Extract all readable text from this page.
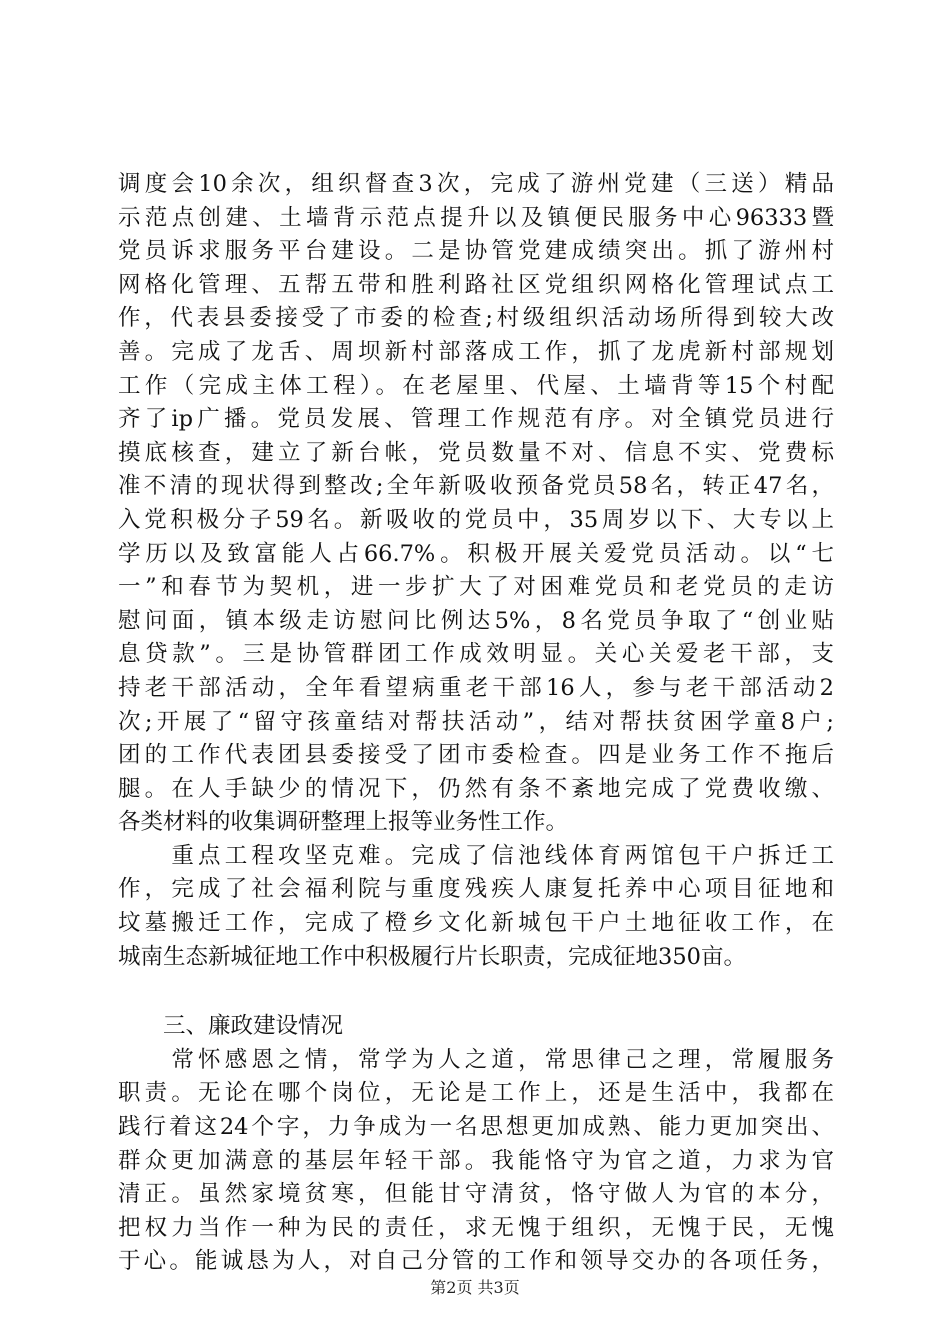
调度会10余次，组织督查3次，完成了游州党建（三送）精品
示范点创建、土墙背示范点提升以及镇便民服务中心96333暨
党员诉求服务平台建设。二是协管党建成绩突出。抓了游州村
网格化管理、五帮五带和胜利路社区党组织网格化管理试点工
作，代表县委接受了市委的检查;村级组织活动场所得到较大改
善。完成了龙舌、周坝新村部落成工作，抓了龙虎新村部规划
工作（完成主体工程）。在老屋里、代屋、土墙背等15个村配
齐了ip广播。党员发展、管理工作规范有序。对全镇党员进行
摸底核查，建立了新台帐，党员数量不对、信息不实、党费标
准不清的现状得到整改;全年新吸收预备党员58名，转正47名，
入党积极分子59名。新吸收的党员中，35周岁以下、大专以上
学历以及致富能人占66.7%。积极开展关爱党员活动。以“七
一”和春节为契机，进一步扩大了对困难党员和老党员的走访
慰问面，镇本级走访慰问比例达5%，8名党员争取了“创业贴
息贷款”。三是协管群团工作成效明显。关心关爱老干部，支
持老干部活动，全年看望病重老干部16人，参与老干部活动2
次;开展了“留守孩童结对帮扶活动”，结对帮扶贫困学童8户;
团的工作代表团县委接受了团市委检查。四是业务工作不拖后
腿。在人手缺少的情况下，仍然有条不紊地完成了党费收缴、
各类材料的收集调研整理上报等业务性工作。
　　重点工程攻坚克难。完成了信池线体育两馆包干户拆迁工
作，完成了社会福利院与重度残疾人康复托养中心项目征地和
坟墓搬迁工作，完成了橙乡文化新城包干户土地征收工作，在
城南生态新城征地工作中积极履行片长职责，完成征地350亩。
　　三、廉政建设情况
　　常怀感恩之情，常学为人之道，常思律己之理，常履服务
职责。无论在哪个岗位，无论是工作上，还是生活中，我都在
践行着这24个字，力争成为一名思想更加成熟、能力更加突出、
群众更加满意的基层年轻干部。我能恪守为官之道，力求为官
清正。虽然家境贫寒，但能甘守清贫，恪守做人为官的本分，
把权力当作一种为民的责任，求无愧于组织，无愧于民，无愧
于心。能诚恳为人，对自己分管的工作和领导交办的各项任务，
第2页 共3页
